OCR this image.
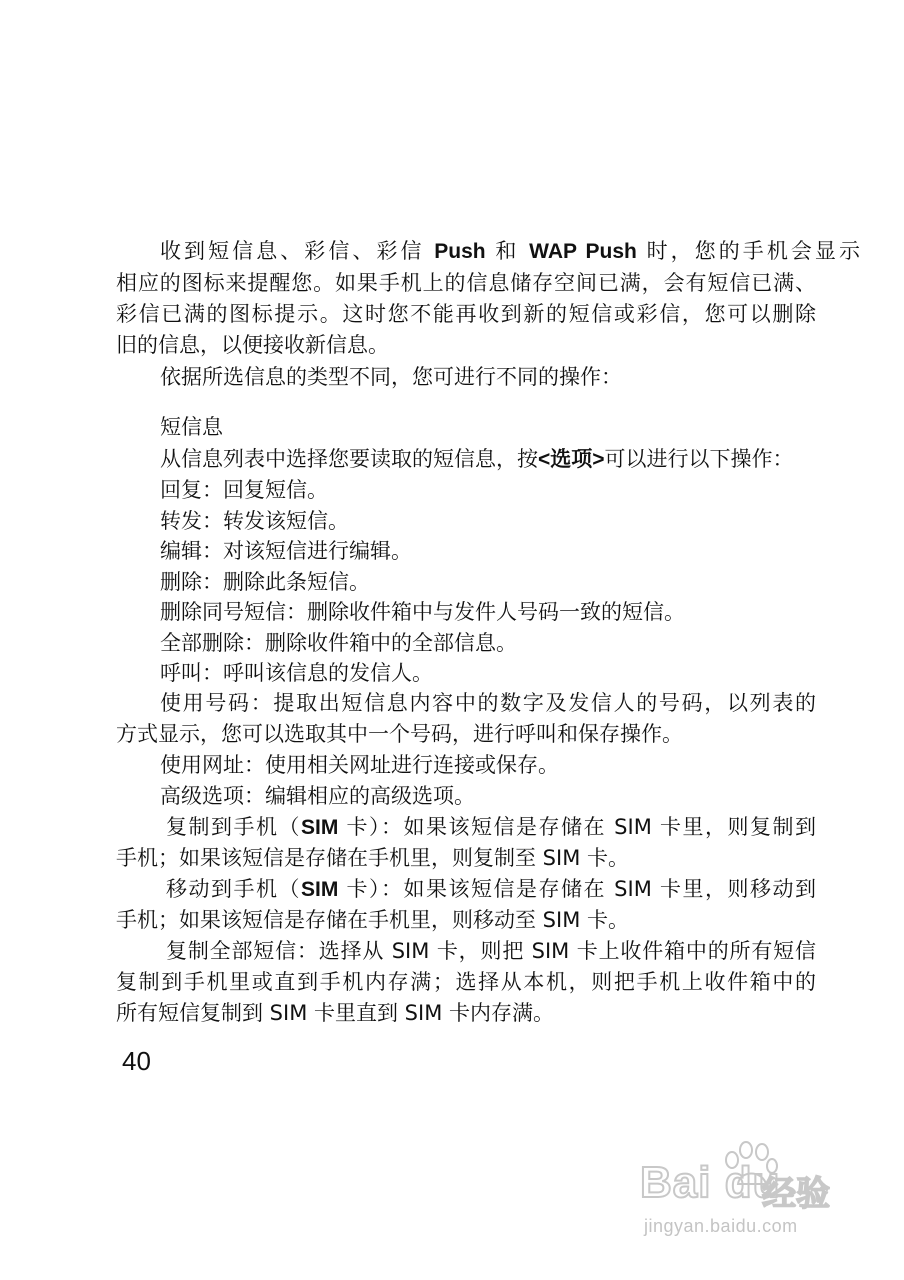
收到短信息、彩信、彩信 Push 和 WAP Push 时，您的手机会显示
相应的图标来提醒您。如果手机上的信息储存空间已满，会有短信已满、
彩信已满的图标提示。这时您不能再收到新的短信或彩信，您可以删除
旧的信息，以便接收新信息。
依据所选信息的类型不同，您可进行不同的操作：
短信息
从信息列表中选择您要读取的短信息，按<选项>可以进行以下操作：
回复：回复短信。
转发：转发该短信。
编辑：对该短信进行编辑。
删除：删除此条短信。
删除同号短信：删除收件箱中与发件人号码一致的短信。
全部删除：删除收件箱中的全部信息。
呼叫：呼叫该信息的发信人。
使用号码：提取出短信息内容中的数字及发信人的号码，以列表的
方式显示，您可以选取其中一个号码，进行呼叫和保存操作。
使用网址：使用相关网址进行连接或保存。
高级选项：编辑相应的高级选项。
复制到手机（SIM 卡）：如果该短信是存储在 SIM 卡里，则复制到
手机；如果该短信是存储在手机里，则复制至 SIM 卡。
移动到手机（SIM 卡）：如果该短信是存储在 SIM 卡里，则移动到
手机；如果该短信是存储在手机里，则移动至 SIM 卡。
复制全部短信：选择从 SIM 卡，则把 SIM 卡上收件箱中的所有短信
复制到手机里或直到手机内存满；选择从本机，则把手机上收件箱中的
所有短信复制到 SIM 卡里直到 SIM 卡内存满。
40
Bai du
经验
jingyan.baidu.com
